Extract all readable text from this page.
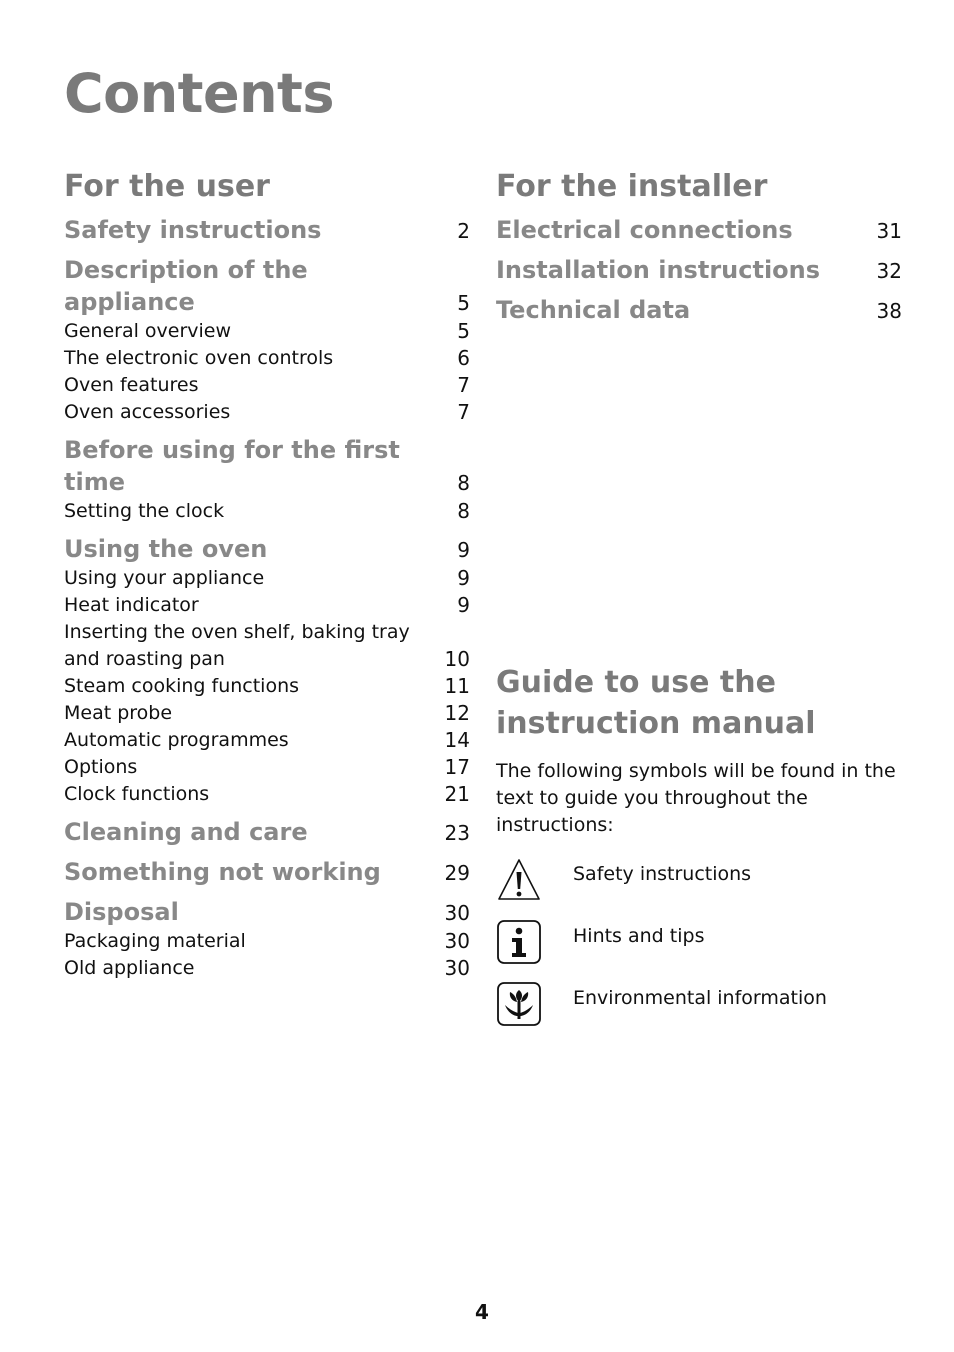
Contents
For the user
Safety instructions	2
Description of the appliance	5
General overview	5
The electronic oven controls	6
Oven features	7
Oven accessories	7
Before using for the first time	8
Setting the clock	8
Using the oven	9
Using your appliance	9
Heat indicator	9
Inserting the oven shelf, baking tray and roasting pan	10
Steam cooking functions	11
Meat probe	12
Automatic programmes	14
Options	17
Clock functions	21
Cleaning and care	23
Something not working	29
Disposal	30
Packaging material	30
Old appliance	30
For the installer
Electrical connections	31
Installation instructions	32
Technical data	38
Guide to use the instruction manual

The following symbols will be found in the text to guide you throughout the instructions:

Safety instructions
Hints and tips
Environmental information
4
